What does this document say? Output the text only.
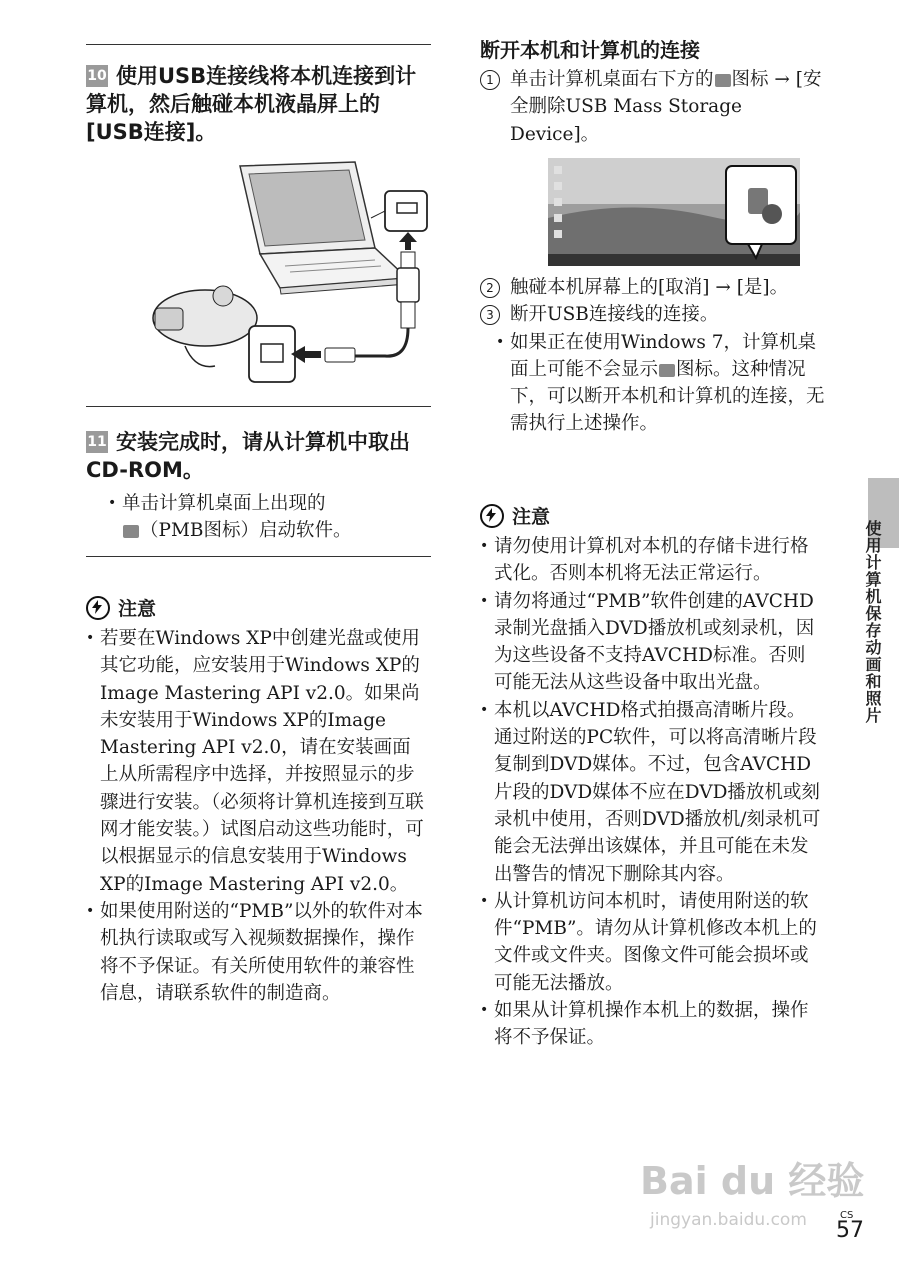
10 使用USB连接线将本机连接到计算机，然后触碰本机液晶屏上的[USB连接]。
11 安装完成时，请从计算机中取出CD-ROM。
• 单击计算机桌面上出现的
（PMB图标）启动软件。
注意
• 若要在Windows XP中创建光盘或使用其它功能，应安装用于Windows XP的Image Mastering API v2.0。如果尚未安装用于Windows XP的Image Mastering API v2.0，请在安装画面上从所需程序中选择，并按照显示的步骤进行安装。（必须将计算机连接到互联网才能安装。）试图启动这些功能时，可以根据显示的信息安装用于Windows XP的Image Mastering API v2.0。
• 如果使用附送的“PMB”以外的软件对本机执行读取或写入视频数据操作，操作将不予保证。有关所使用软件的兼容性信息，请联系软件的制造商。
断开本机和计算机的连接
1 单击计算机桌面右下方的 图标 → [安全删除USB Mass Storage Device]。
2 触碰本机屏幕上的[取消] → [是]。
3 断开USB连接线的连接。
• 如果正在使用Windows 7，计算机桌面上可能不会显示 图标。这种情况下，可以断开本机和计算机的连接，无需执行上述操作。
注意
• 请勿使用计算机对本机的存储卡进行格式化。否则本机将无法正常运行。
• 请勿将通过“PMB”软件创建的AVCHD录制光盘插入DVD播放机或刻录机，因为这些设备不支持AVCHD标准。否则可能无法从这些设备中取出光盘。
• 本机以AVCHD格式拍摄高清晰片段。通过附送的PC软件，可以将高清晰片段复制到DVD媒体。不过，包含AVCHD片段的DVD媒体不应在DVD播放机或刻录机中使用，否则DVD播放机/刻录机可能会无法弹出该媒体，并且可能在未发出警告的情况下删除其内容。
• 从计算机访问本机时，请使用附送的软件“PMB”。请勿从计算机修改本机上的文件或文件夹。图像文件可能会损坏或可能无法播放。
• 如果从计算机操作本机上的数据，操作将不予保证。
使用计算机保存动画和照片
Bai du 经验
jingyan.baidu.com	CS
57
